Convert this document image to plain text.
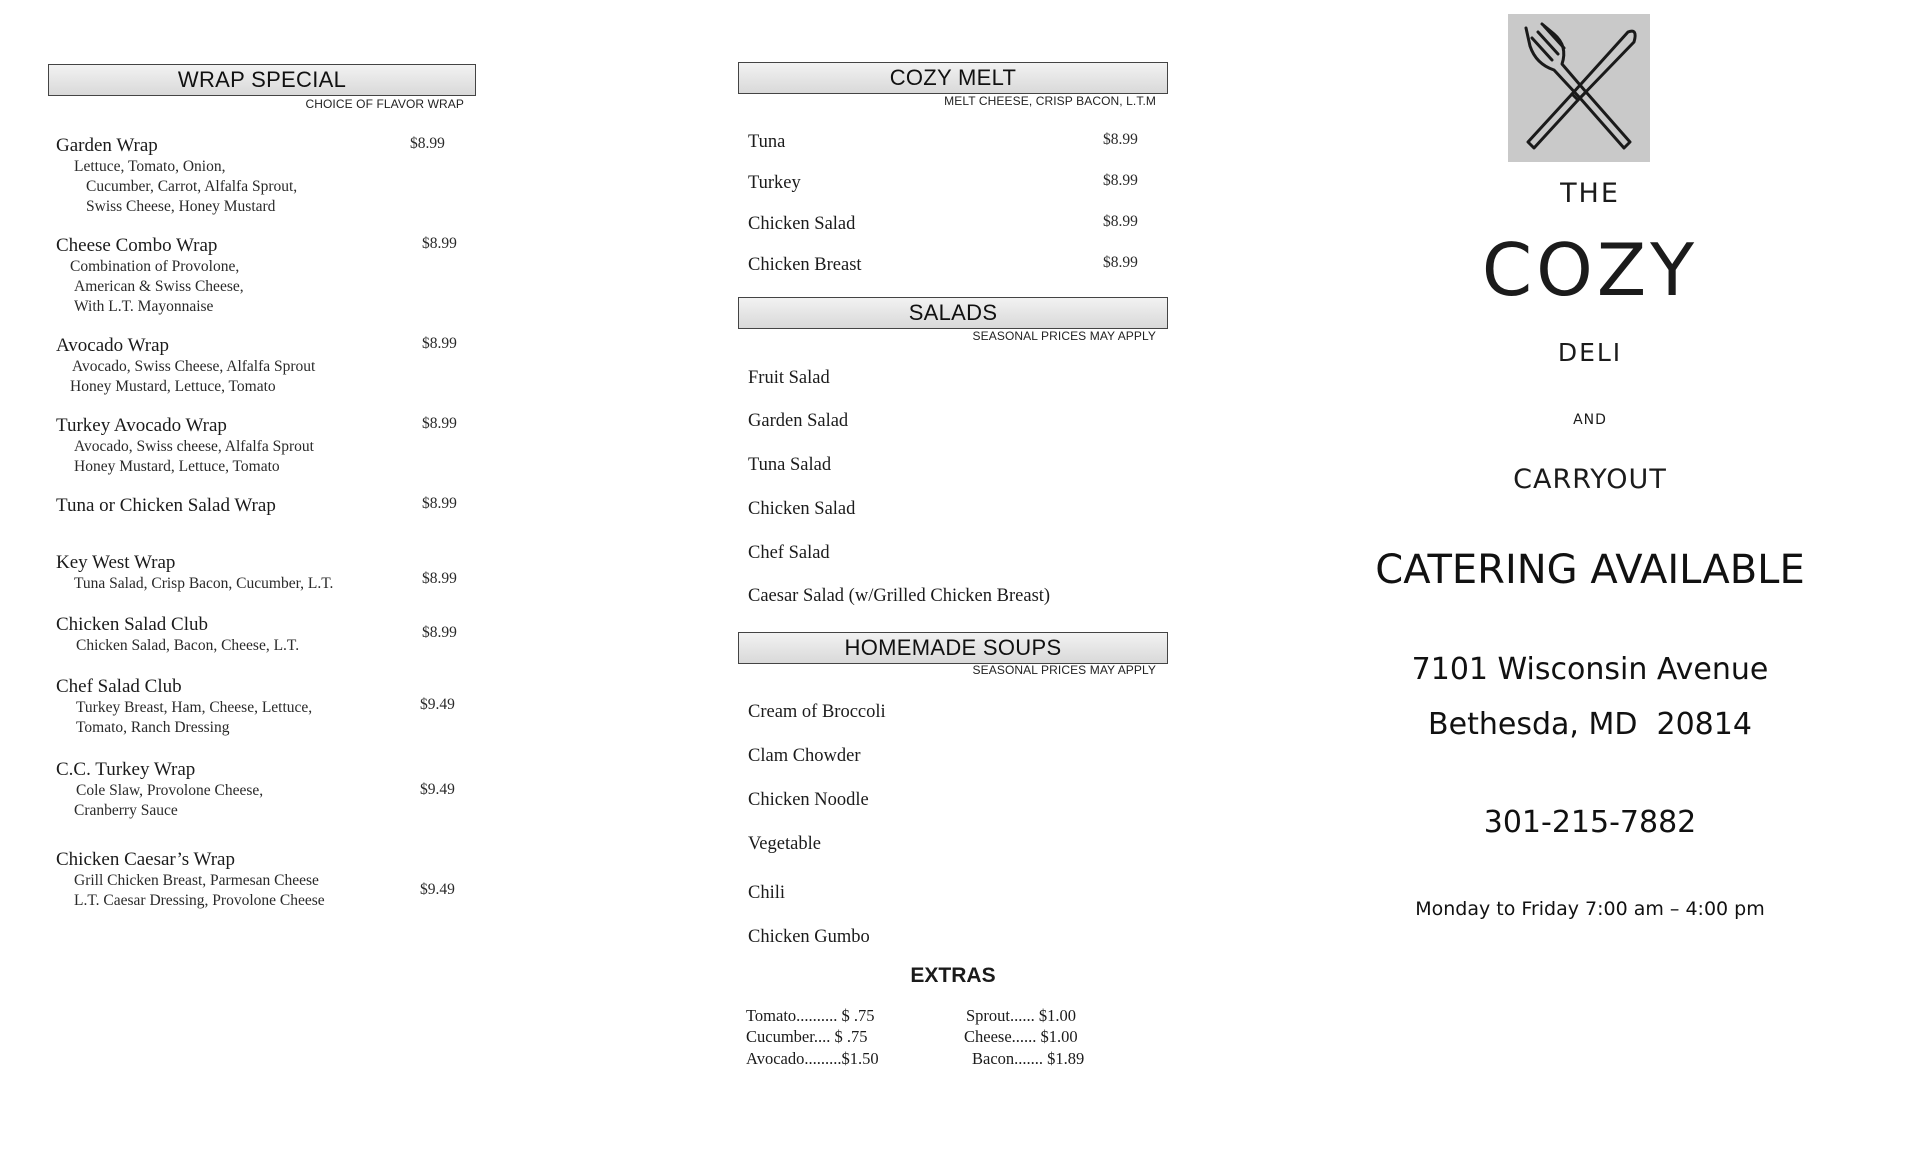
WRAP SPECIAL
CHOICE OF FLAVOR WRAP
Garden Wrap
Lettuce, Tomato, Onion,
Cucumber, Carrot, Alfalfa Sprout,
Swiss Cheese, Honey Mustard
$8.99
Cheese Combo Wrap
Combination of Provolone,
American & Swiss Cheese,
With L.T. Mayonnaise
$8.99
Avocado Wrap
Avocado, Swiss Cheese, Alfalfa Sprout
Honey Mustard, Lettuce, Tomato
$8.99
Turkey Avocado Wrap
Avocado, Swiss cheese, Alfalfa Sprout
Honey Mustard, Lettuce, Tomato
$8.99
Tuna or Chicken Salad Wrap	$8.99
Key West Wrap
Tuna Salad, Crisp Bacon, Cucumber, L.T.	$8.99
Chicken Salad Club
Chicken Salad, Bacon, Cheese, L.T.
$8.99
Chef Salad Club
Turkey Breast, Ham, Cheese, Lettuce,
Tomato, Ranch Dressing
$9.49
C.C. Turkey Wrap
Cole Slaw, Provolone Cheese,
Cranberry Sauce
$9.49
Chicken Caesar’s Wrap
Grill Chicken Breast, Parmesan Cheese
L.T. Caesar Dressing, Provolone Cheese
$9.49
COZY MELT
MELT CHEESE, CRISP BACON, L.T.M
Tuna	$8.99
Turkey	$8.99
Chicken Salad	$8.99
Chicken Breast	$8.99
SALADS
SEASONAL PRICES MAY APPLY
Fruit Salad
Garden Salad
Tuna Salad
Chicken Salad
Chef Salad
Caesar Salad (w/Grilled Chicken Breast)
HOMEMADE SOUPS
SEASONAL PRICES MAY APPLY
Cream of Broccoli
Clam Chowder
Chicken Noodle
Vegetable
Chili
Chicken Gumbo
EXTRAS
Tomato.......... $ .75
Cucumber.... $ .75
Avocado.........$1.50
Sprout...... $1.00
Cheese...... $1.00
Bacon....... $1.89
THE
COZY
DELI
AND
CARRYOUT
CATERING AVAILABLE
7101 Wisconsin Avenue
Bethesda, MD  20814
301-215-7882
Monday to Friday 7:00 am – 4:00 pm
